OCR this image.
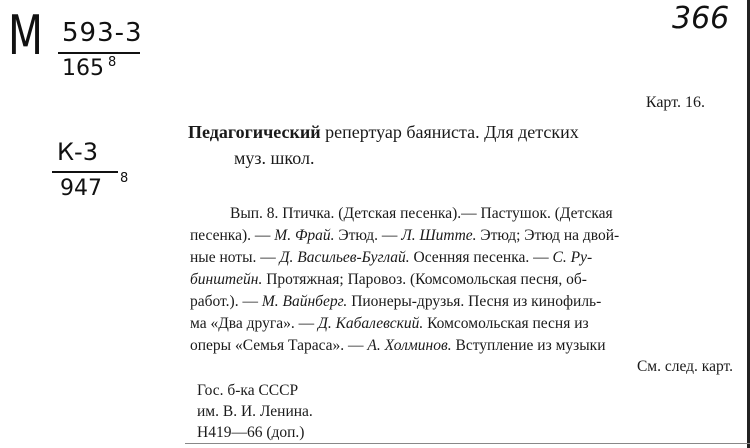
M 593-3
165 8
366
К-3
947 8
Карт. 16.
Педагогический репертуар баяниста. Для детских
муз. школ.
Вып. 8. Птичка. (Детская песенка).— Пастушок. (Детская
песенка). — М. Фрай. Этюд. — Л. Шитте. Этюд; Этюд на двой-
ные ноты. — Д. Васильев-Буглай. Осенняя песенка. — С. Ру-
бинштейн. Протяжная; Паровоз. (Комсомольская песня, об-
работ.). — М. Вайнберг. Пионеры-друзья. Песня из кинофиль-
ма «Два друга». — Д. Кабалевский. Комсомольская песня из
оперы «Семья Тараса». — А. Холминов. Вступление из музыки
См. след. карт.
Гос. б-ка СССР
им. В. И. Ленина.
Н419—66 (доп.)
